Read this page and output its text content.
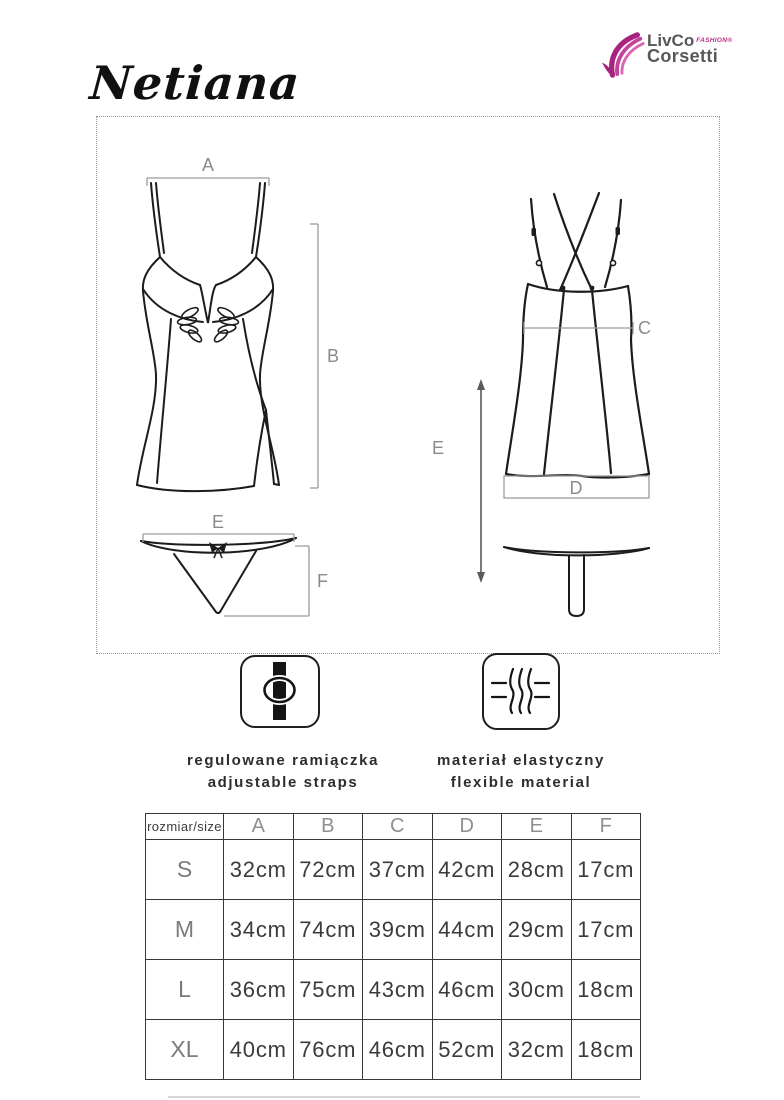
Netiana
LivCo FASHION®
Corsetti
A
B
E
F
C
D
E
regulowane ramiączka
adjustable straps
materiał elastyczny
flexible material
rozmiar/size	A	B	C	D	E	F
S	32cm	72cm	37cm	42cm	28cm	17cm
M	34cm	74cm	39cm	44cm	29cm	17cm
L	36cm	75cm	43cm	46cm	30cm	18cm
XL	40cm	76cm	46cm	52cm	32cm	18cm
